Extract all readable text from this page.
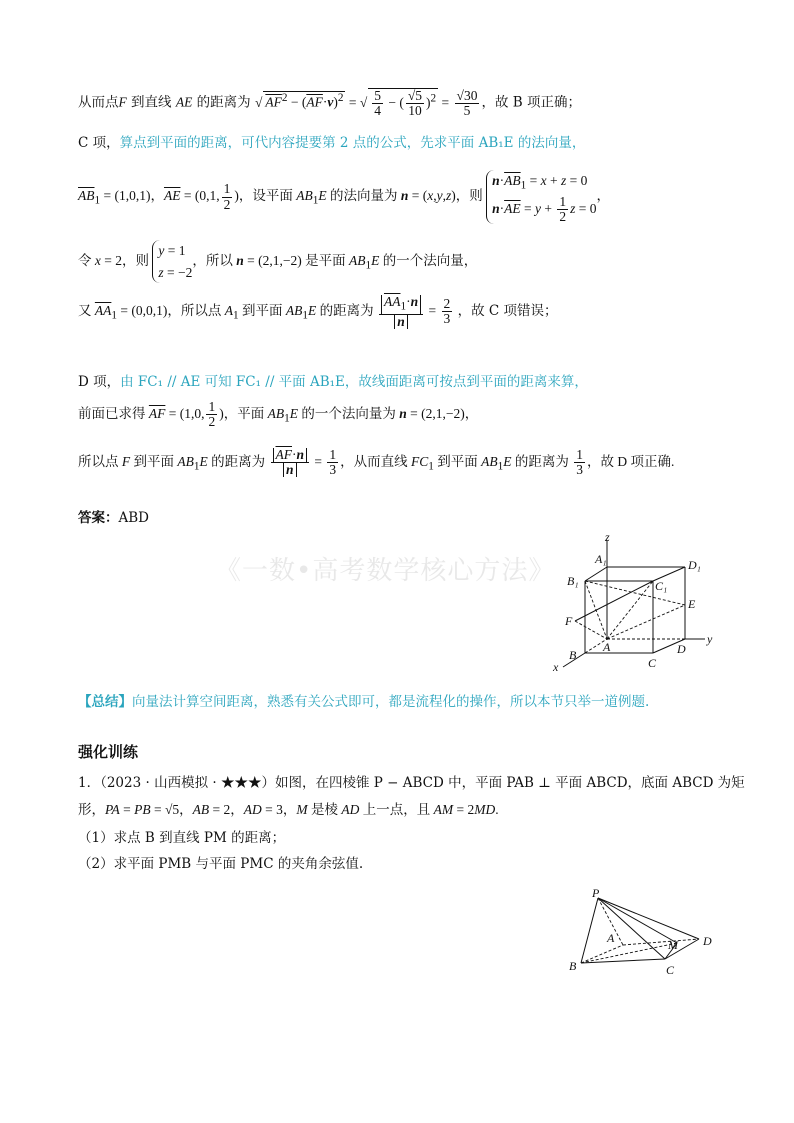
从而点F 到直线 AE 的距离为 √ $AF^2 - (\overline{AF}\cdot v)^2$ = √ $\frac{5}{4}$ − ( $\frac{√5}{10} )^2 = \frac{√30}{5}$ ，故 B 项正确；
C 项，算点到平面的距离，可代内容提要第 2 点的公式，先求平面 AB₁E 的法向量，
$\overline{AB}_1 = (1,0,1)$，$\overline{AE} = (0,1$, $\frac{1}{2}$ )，设平面 $AB_1E$ 的法向量为 n = (x,y,z)，则 $n\cdot\overline{AB}_1 = x + z = 0$
$n\cdot\overline{AE} = y + \frac{1}{2}$ z = 0，
令 x = 2，则 y = 1
z = −2，所以 n = (2,1,−2) 是平面 $AB_1E$ 的一个法向量，
又 $\overline{AA}_1 = (0,0,1)$，所以点 $A_1$ 到平面 $AB_1E$ 的距离为 $\frac{\overline{AA}_1\cdot n}{n} = \frac{2}{3}$ ，故 C 项错误；
D 项，由 FC₁ // AE 可知 FC₁ // 平面 AB₁E，故线面距离可按点到平面的距离来算，
前面已求得 $\overline{AF} = (1,0$, $\frac{1}{2}$ )，平面 $AB_1E$ 的一个法向量为 n = (2,1,−2)，
所以点 F 到平面 $AB_1E$ 的距离为 $\frac{\overline{AF}\cdot n}{n} = \frac{1}{3}$ ，从而直线 $FC_1$ 到平面 $AB_1E$ 的距离为 $\frac{1}{3}$ ，故 D 项正确.
答案：ABD
《一数•高考数学核心方法》
z
A₁	D₁
B₁	C₁
E
F
A
y
B
C
D
x
【总结】向量法计算空间距离，熟悉有关公式即可，都是流程化的操作，所以本节只举一道例题.
强化训练
1．（2023 · 山西模拟 · ★★★）如图，在四棱锥 P − ABCD 中，平面 PAB ⊥ 平面 ABCD，底面 ABCD 为矩
形，PA = PB = √5，AB = 2，AD = 3，M 是棱 AD 上一点，且 AM = 2MD.
（1）求点 B 到直线 PM 的距离；
（2）求平面 PMB 与平面 PMC 的夹角余弦值.
P
A	M D
B	C
